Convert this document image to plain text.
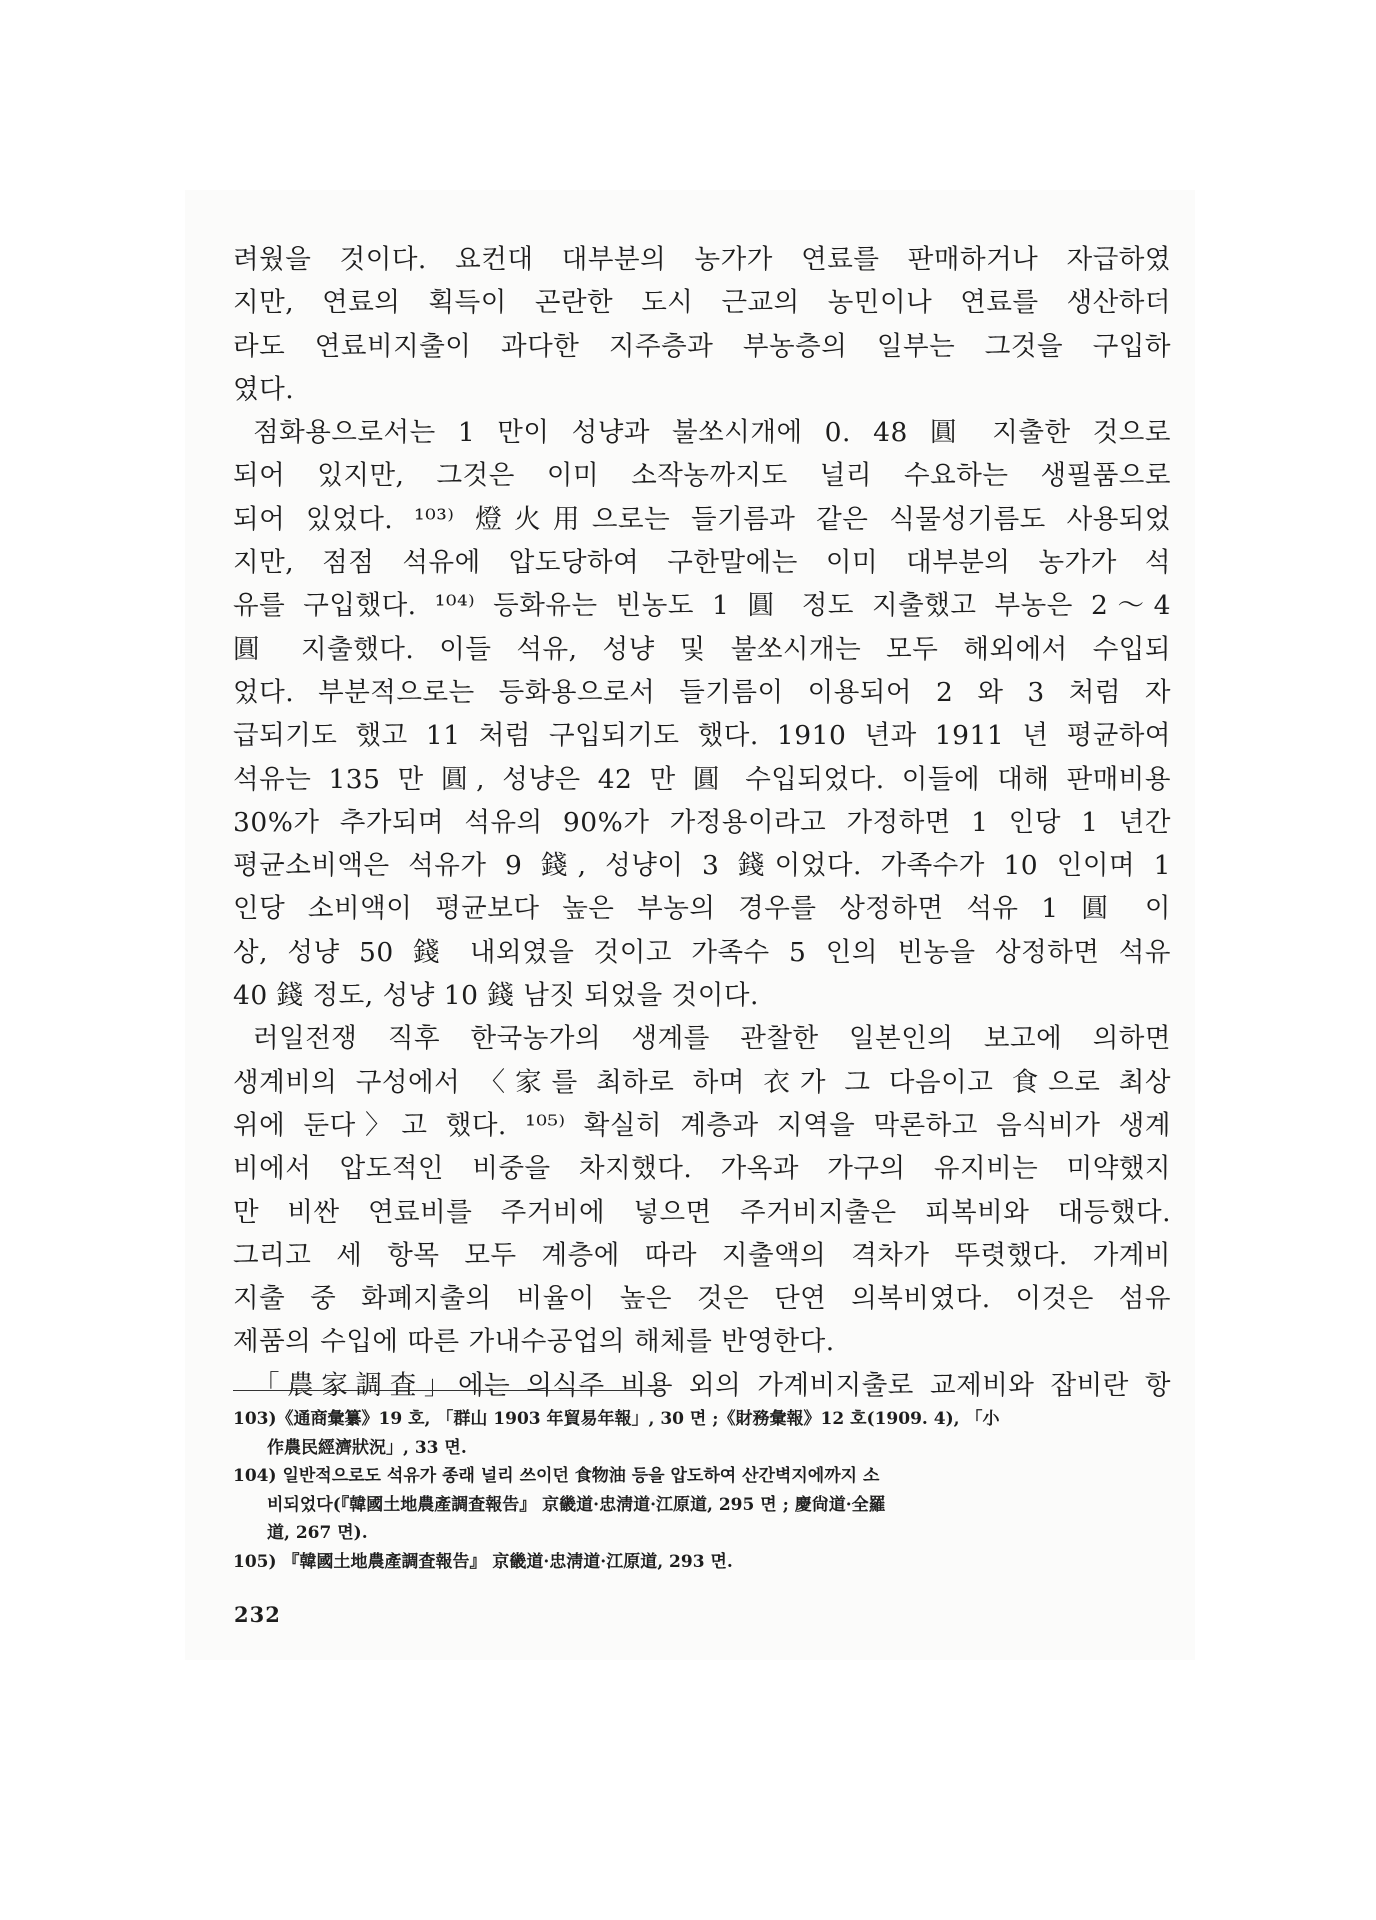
려웠을 것이다. 요컨대 대부분의 농가가 연료를 판매하거나 자급하였
지만, 연료의 획득이 곤란한 도시 근교의 농민이나 연료를 생산하더
라도 연료비지출이 과다한 지주층과 부농층의 일부는 그것을 구입하
였다.
점화용으로서는 1 만이 성냥과 불쏘시개에 0. 48 圓 지출한 것으로
되어 있지만, 그것은 이미 소작농까지도 널리 수요하는 생필품으로
되어 있었다. ¹⁰³⁾ 燈火用으로는 들기름과 같은 식물성기름도 사용되었
지만, 점점 석유에 압도당하여 구한말에는 이미 대부분의 농가가 석
유를 구입했다. ¹⁰⁴⁾ 등화유는 빈농도 1 圓 정도 지출했고 부농은 2～4
圓 지출했다. 이들 석유, 성냥 및 불쏘시개는 모두 해외에서 수입되
었다. 부분적으로는 등화용으로서 들기름이 이용되어 2 와 3 처럼 자
급되기도 했고 11 처럼 구입되기도 했다. 1910 년과 1911 년 평균하여
석유는 135 만 圓, 성냥은 42 만 圓 수입되었다. 이들에 대해 판매비용
30%가 추가되며 석유의 90%가 가정용이라고 가정하면 1 인당 1 년간
평균소비액은 석유가 9 錢, 성냥이 3 錢이었다. 가족수가 10 인이며 1
인당 소비액이 평균보다 높은 부농의 경우를 상정하면 석유 1 圓 이
상, 성냥 50 錢 내외였을 것이고 가족수 5 인의 빈농을 상정하면 석유
40 錢 정도, 성냥 10 錢 남짓 되었을 것이다.
러일전쟁 직후 한국농가의 생계를 관찰한 일본인의 보고에 의하면
생계비의 구성에서 〈家를 최하로 하며 衣가 그 다음이고 食으로 최상
위에 둔다〉고 했다. ¹⁰⁵⁾ 확실히 계층과 지역을 막론하고 음식비가 생계
비에서 압도적인 비중을 차지했다. 가옥과 가구의 유지비는 미약했지
만 비싼 연료비를 주거비에 넣으면 주거비지출은 피복비와 대등했다.
그리고 세 항목 모두 계층에 따라 지출액의 격차가 뚜렷했다. 가계비
지출 중 화폐지출의 비율이 높은 것은 단연 의복비였다. 이것은 섬유
제품의 수입에 따른 가내수공업의 해체를 반영한다.
「農家調査」에는 의식주 비용 외의 가계비지출로 교제비와 잡비란 항
103)《通商彙纂》19 호, 「群山 1903 年貿易年報」, 30 면 ;《財務彙報》12 호(1909. 4), 「小
作農民經濟狀況」, 33 면.
104) 일반적으로도 석유가 종래 널리 쓰이던 食物油 등을 압도하여 산간벽지에까지 소
비되었다(『韓國土地農產調査報告』 京畿道·忠淸道·江原道, 295 면 ; 慶尙道·全羅
道, 267 면).
105) 『韓國土地農產調査報告』 京畿道·忠淸道·江原道, 293 면.
232
